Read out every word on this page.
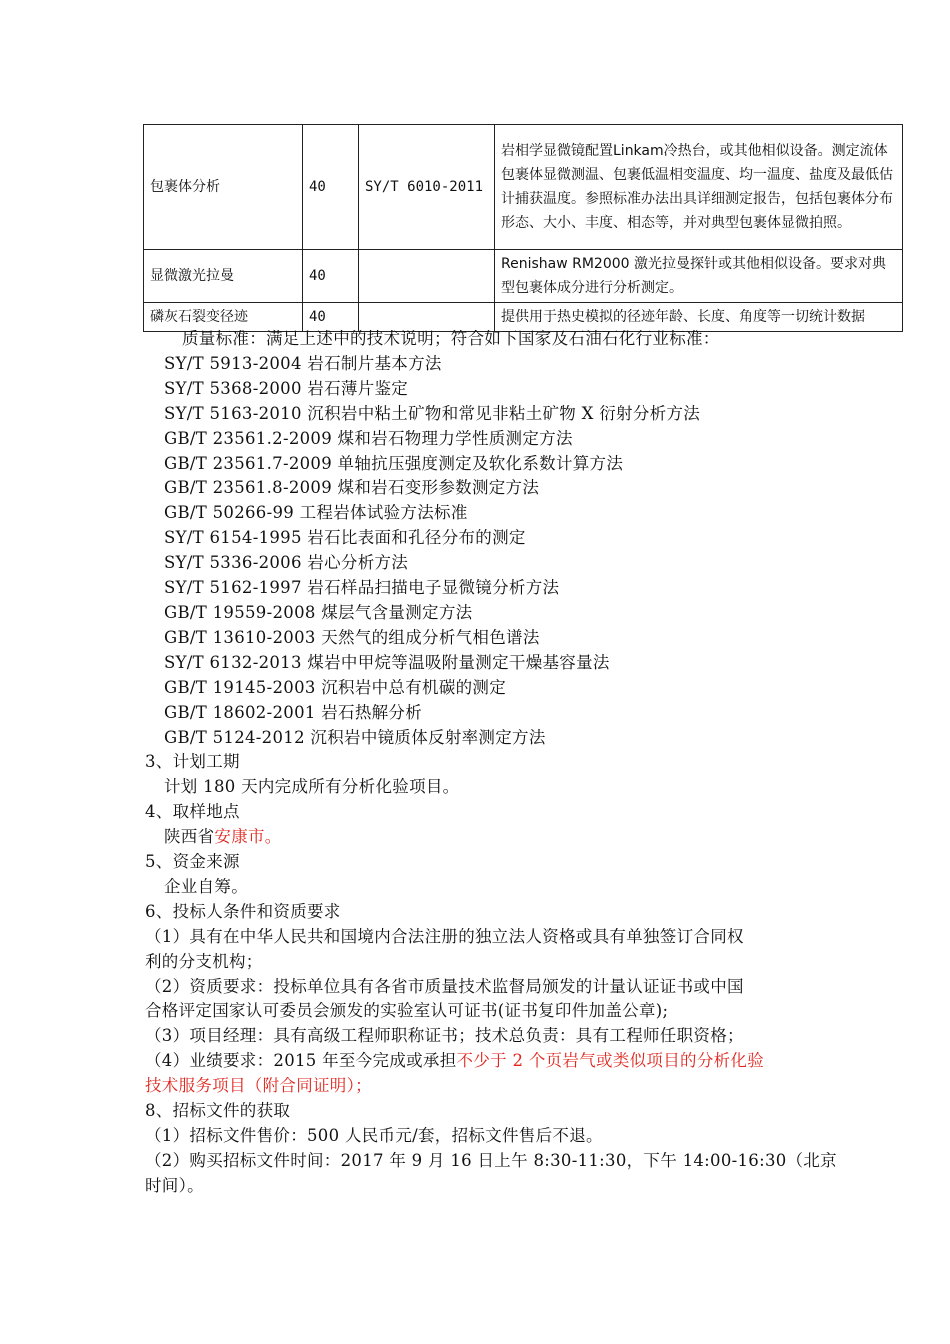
包裹体分析	40	SY/T 6010-2011	岩相学显微镜配置Linkam冷热台，或其他相似设备。测定流体包裹体显微测温、包裹低温相变温度、均一温度、盐度及最低估计捕获温度。参照标准办法出具详细测定报告，包括包裹体分布形态、大小、丰度、相态等，并对典型包裹体显微拍照。
显微激光拉曼	40		Renishaw RM2000 激光拉曼探针或其他相似设备。要求对典型包裹体成分进行分析测定。
磷灰石裂变径迹	40		提供用于热史模拟的径迹年龄、长度、角度等一切统计数据
质量标准：满足上述中的技术说明；符合如下国家及石油石化行业标准：
SY/T 5913-2004 岩石制片基本方法
SY/T 5368-2000 岩石薄片鉴定
SY/T 5163-2010 沉积岩中粘土矿物和常见非粘土矿物 X 衍射分析方法
GB/T 23561.2-2009 煤和岩石物理力学性质测定方法
GB/T 23561.7-2009 单轴抗压强度测定及软化系数计算方法
GB/T 23561.8-2009 煤和岩石变形参数测定方法
GB/T 50266-99 工程岩体试验方法标准
SY/T 6154-1995 岩石比表面和孔径分布的测定
SY/T 5336-2006 岩心分析方法
SY/T 5162-1997 岩石样品扫描电子显微镜分析方法
GB/T 19559-2008 煤层气含量测定方法
GB/T 13610-2003 天然气的组成分析气相色谱法
SY/T 6132-2013 煤岩中甲烷等温吸附量测定干燥基容量法
GB/T 19145-2003 沉积岩中总有机碳的测定
GB/T 18602-2001 岩石热解分析
GB/T 5124-2012 沉积岩中镜质体反射率测定方法
3、计划工期
计划 180 天内完成所有分析化验项目。
4、取样地点
陕西省安康市。
5、资金来源
企业自筹。
6、投标人条件和资质要求
（1）具有在中华人民共和国境内合法注册的独立法人资格或具有单独签订合同权
利的分支机构；
（2）资质要求：投标单位具有各省市质量技术监督局颁发的计量认证证书或中国
合格评定国家认可委员会颁发的实验室认可证书(证书复印件加盖公章);
（3）项目经理：具有高级工程师职称证书；技术总负责：具有工程师任职资格；
（4）业绩要求：2015 年至今完成或承担不少于 2 个页岩气或类似项目的分析化验
技术服务项目（附合同证明）；
8、招标文件的获取
（1）招标文件售价：500 人民币元/套，招标文件售后不退。
（2）购买招标文件时间：2017 年 9 月 16 日上午 8:30-11:30，下午 14:00-16:30（北京
时间）。
